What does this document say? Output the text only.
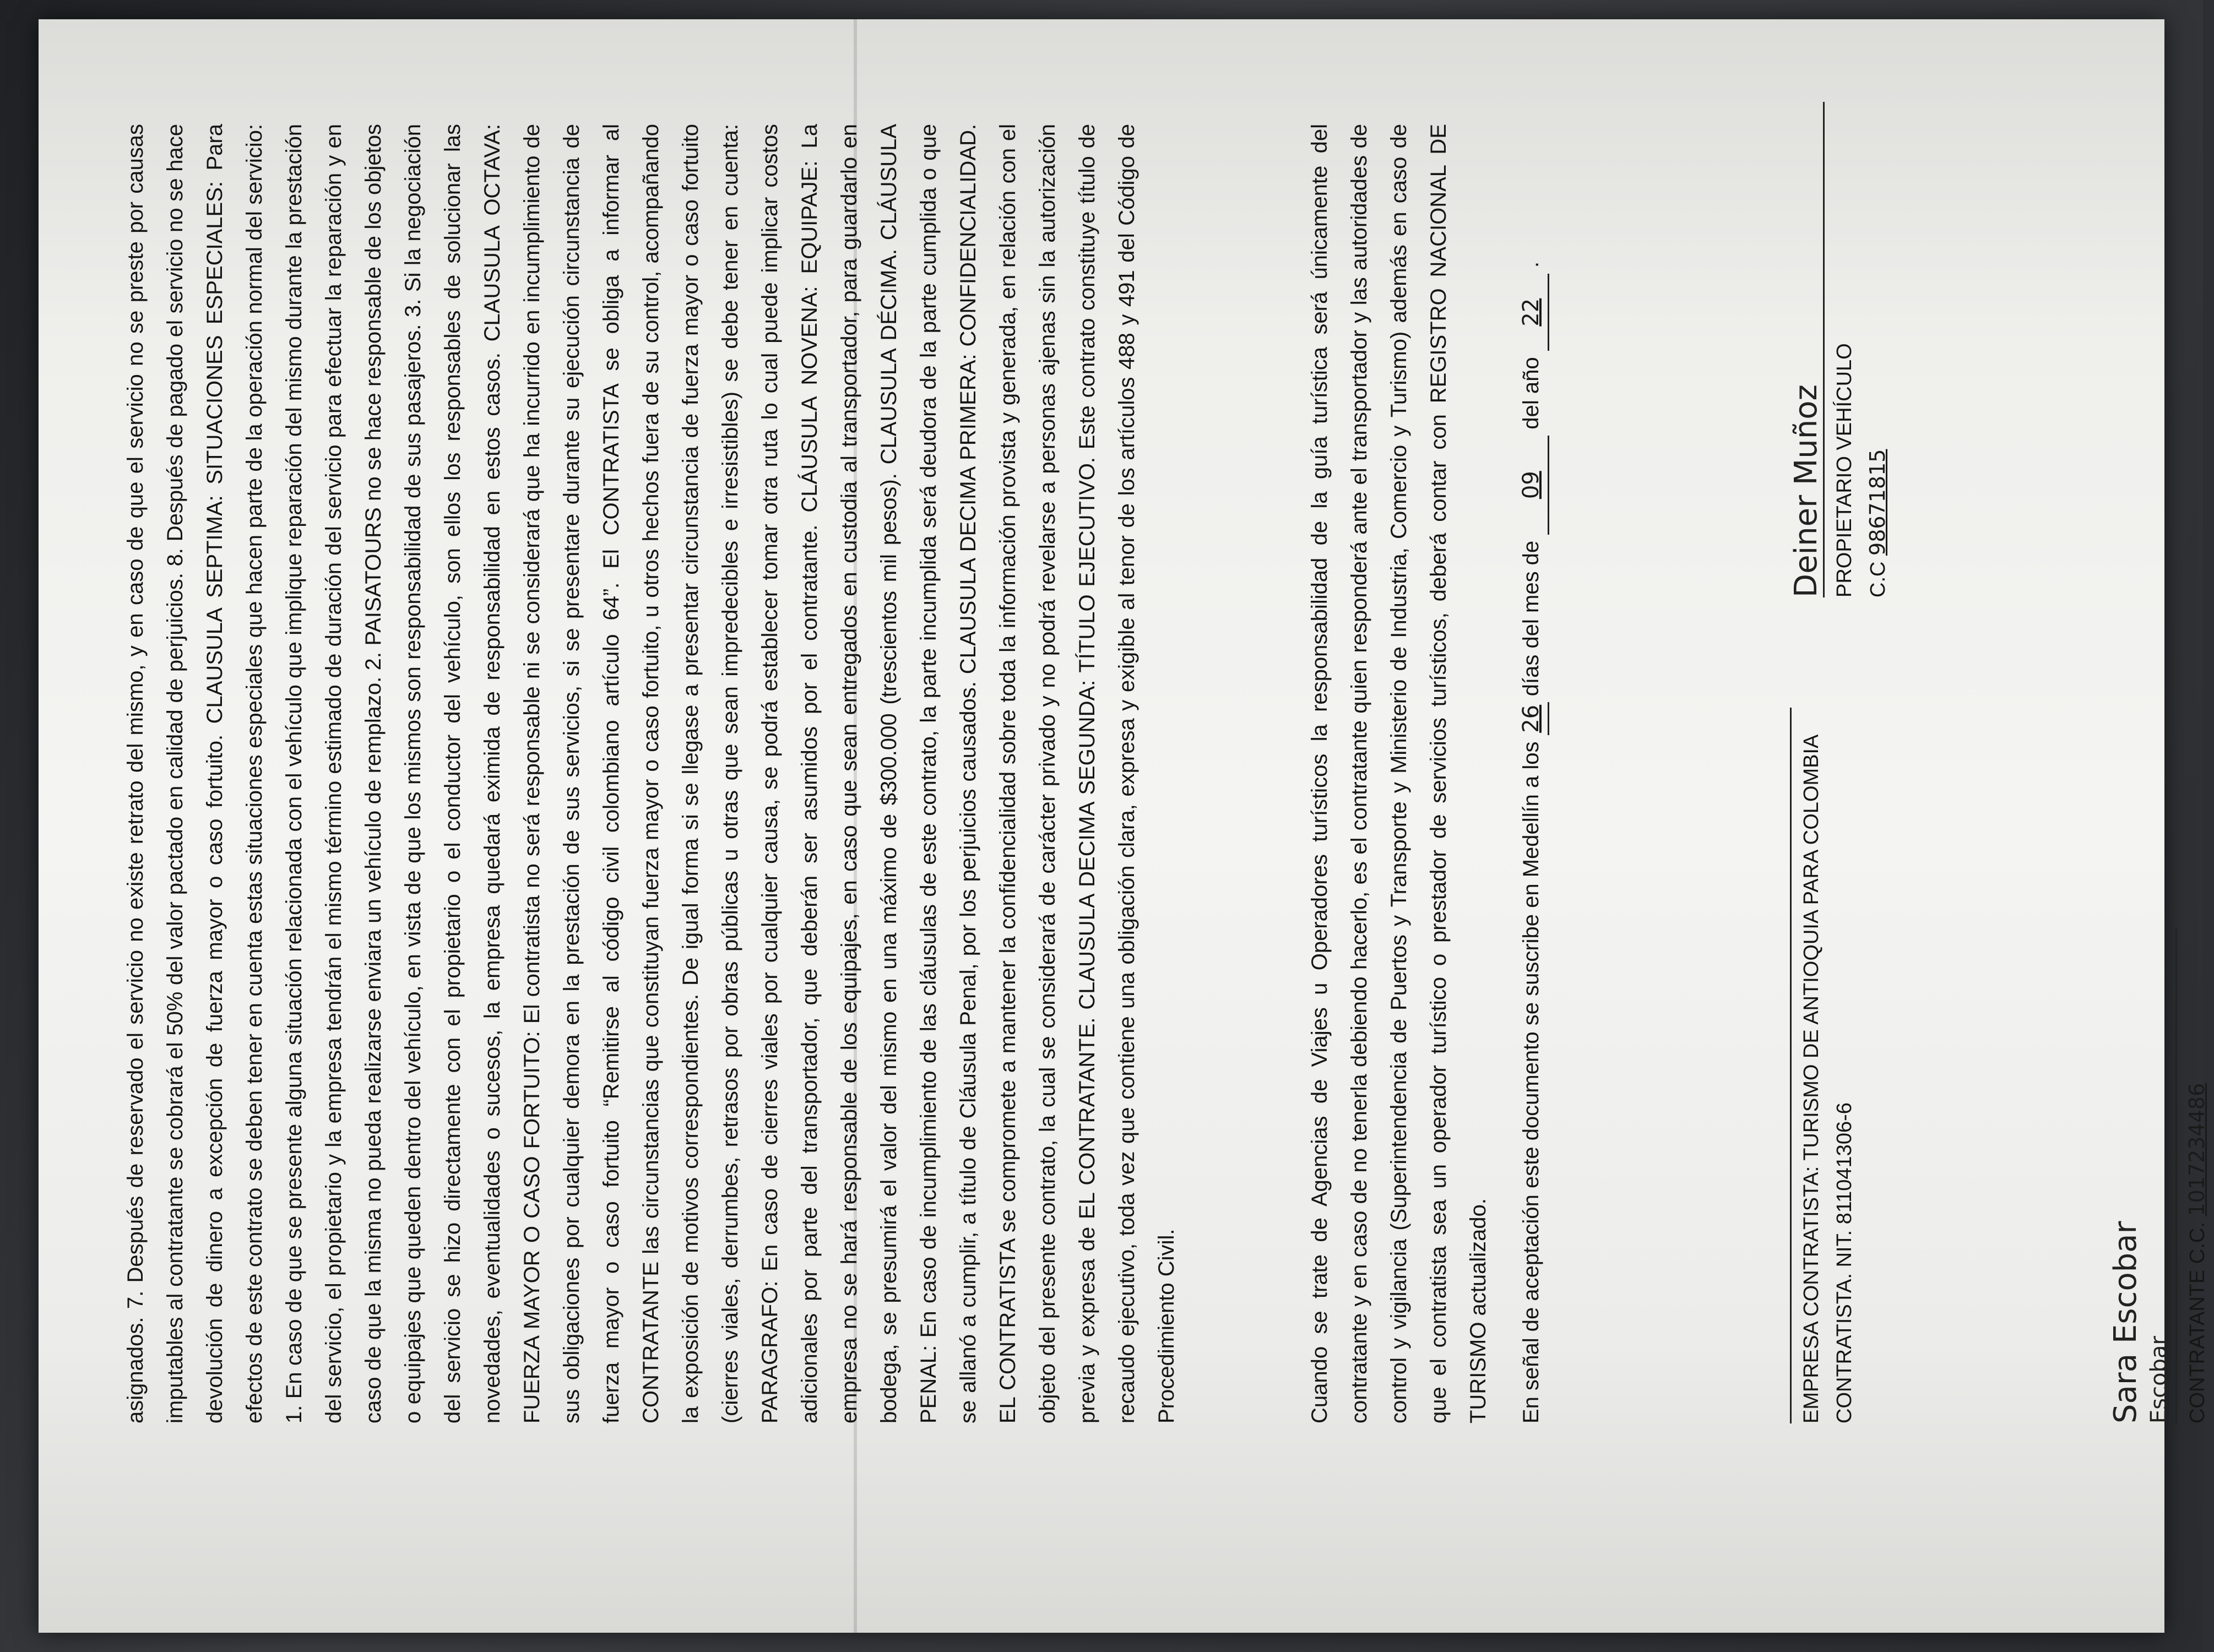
asignados. 7. Después de reservado el servicio no existe retrato del mismo, y en caso de que el servicio no se preste por causas imputables al contratante se cobrará el 50% del valor pactado en calidad de perjuicios. 8. Después de pagado el servicio no se hace devolución de dinero a excepción de fuerza mayor o caso fortuito. CLAUSULA SEPTIMA: SITUACIONES ESPECIALES: Para efectos de este contrato se deben tener en cuenta estas situaciones especiales que hacen parte de la operación normal del servicio: 1. En caso de que se presente alguna situación relacionada con el vehículo que implique reparación del mismo durante la prestación del servicio, el propietario y la empresa tendrán el mismo término estimado de duración del servicio para efectuar la reparación y en caso de que la misma no pueda realizarse enviara un vehículo de remplazo. 2. PAISATOURS no se hace responsable de los objetos o equipajes que queden dentro del vehículo, en vista de que los mismos son responsabilidad de sus pasajeros. 3. Si la negociación del servicio se hizo directamente con el propietario o el conductor del vehículo, son ellos los responsables de solucionar las novedades, eventualidades o sucesos, la empresa quedará eximida de responsabilidad en estos casos. CLAUSULA OCTAVA: FUERZA MAYOR O CASO FORTUITO: El contratista no será responsable ni se considerará que ha incurrido en incumplimiento de sus obligaciones por cualquier demora en la prestación de sus servicios, si se presentare durante su ejecución circunstancia de fuerza mayor o caso fortuito “Remitirse al código civil colombiano artículo 64”. El CONTRATISTA se obliga a informar al CONTRATANTE las circunstancias que constituyan fuerza mayor o caso fortuito, u otros hechos fuera de su control, acompañando la exposición de motivos correspondientes. De igual forma si se llegase a presentar circunstancia de fuerza mayor o caso fortuito (cierres viales, derrumbes, retrasos por obras públicas u otras que sean impredecibles e irresistibles) se debe tener en cuenta: PARAGRAFO: En caso de cierres viales por cualquier causa, se podrá establecer tomar otra ruta lo cual puede implicar costos adicionales por parte del transportador, que deberán ser asumidos por el contratante. CLÁUSULA NOVENA: EQUIPAJE: La empresa no se hará responsable de los equipajes, en caso que sean entregados en custodia al transportador, para guardarlo en bodega, se presumirá el valor del mismo en una máximo de $300.000 (trescientos mil pesos). CLAUSULA DÉCIMA. CLÁUSULA PENAL: En caso de incumplimiento de las cláusulas de este contrato, la parte incumplida será deudora de la parte cumplida o que se allanó a cumplir, a título de Cláusula Penal, por los perjuicios causados. CLAUSULA DECIMA PRIMERA: CONFIDENCIALIDAD. EL CONTRATISTA se compromete a mantener la confidencialidad sobre toda la información provista y generada, en relación con el objeto del presente contrato, la cual se considerará de carácter privado y no podrá revelarse a personas ajenas sin la autorización previa y expresa de EL CONTRATANTE. CLAUSULA DECIMA SEGUNDA: TÍTULO EJECUTIVO. Este contrato constituye título de recaudo ejecutivo, toda vez que contiene una obligación clara, expresa y exigible al tenor de los artículos 488 y 491 del Código de Procedimiento Civil.	Cuando se trate de Agencias de Viajes u Operadores turísticos la responsabilidad de la guía turística será únicamente del contratante y en caso de no tenerla debiendo hacerlo, es el contratante quien responderá ante el transportador y las autoridades de control y vigilancia (Superintendencia de Puertos y Transporte y Ministerio de Industria, Comercio y Turismo) además en caso de que el contratista sea un operador turístico o prestador de servicios turísticos, deberá contar con REGISTRO NACIONAL DE TURISMO actualizado.	En señal de aceptación este documento se suscribe en Medellín a los 26 días del mes de 09 del año 22 .
EMPRESA CONTRATISTA: TURISMO DE ANTIOQUIA PARA COLOMBIA CONTRATISTA. NIT. 811041306-6
Deiner Muñoz PROPIETARIO VEHÍCULO C.C 98671815
Sara Escobar Escobar CONTRATANTE C.C. 1017234486
